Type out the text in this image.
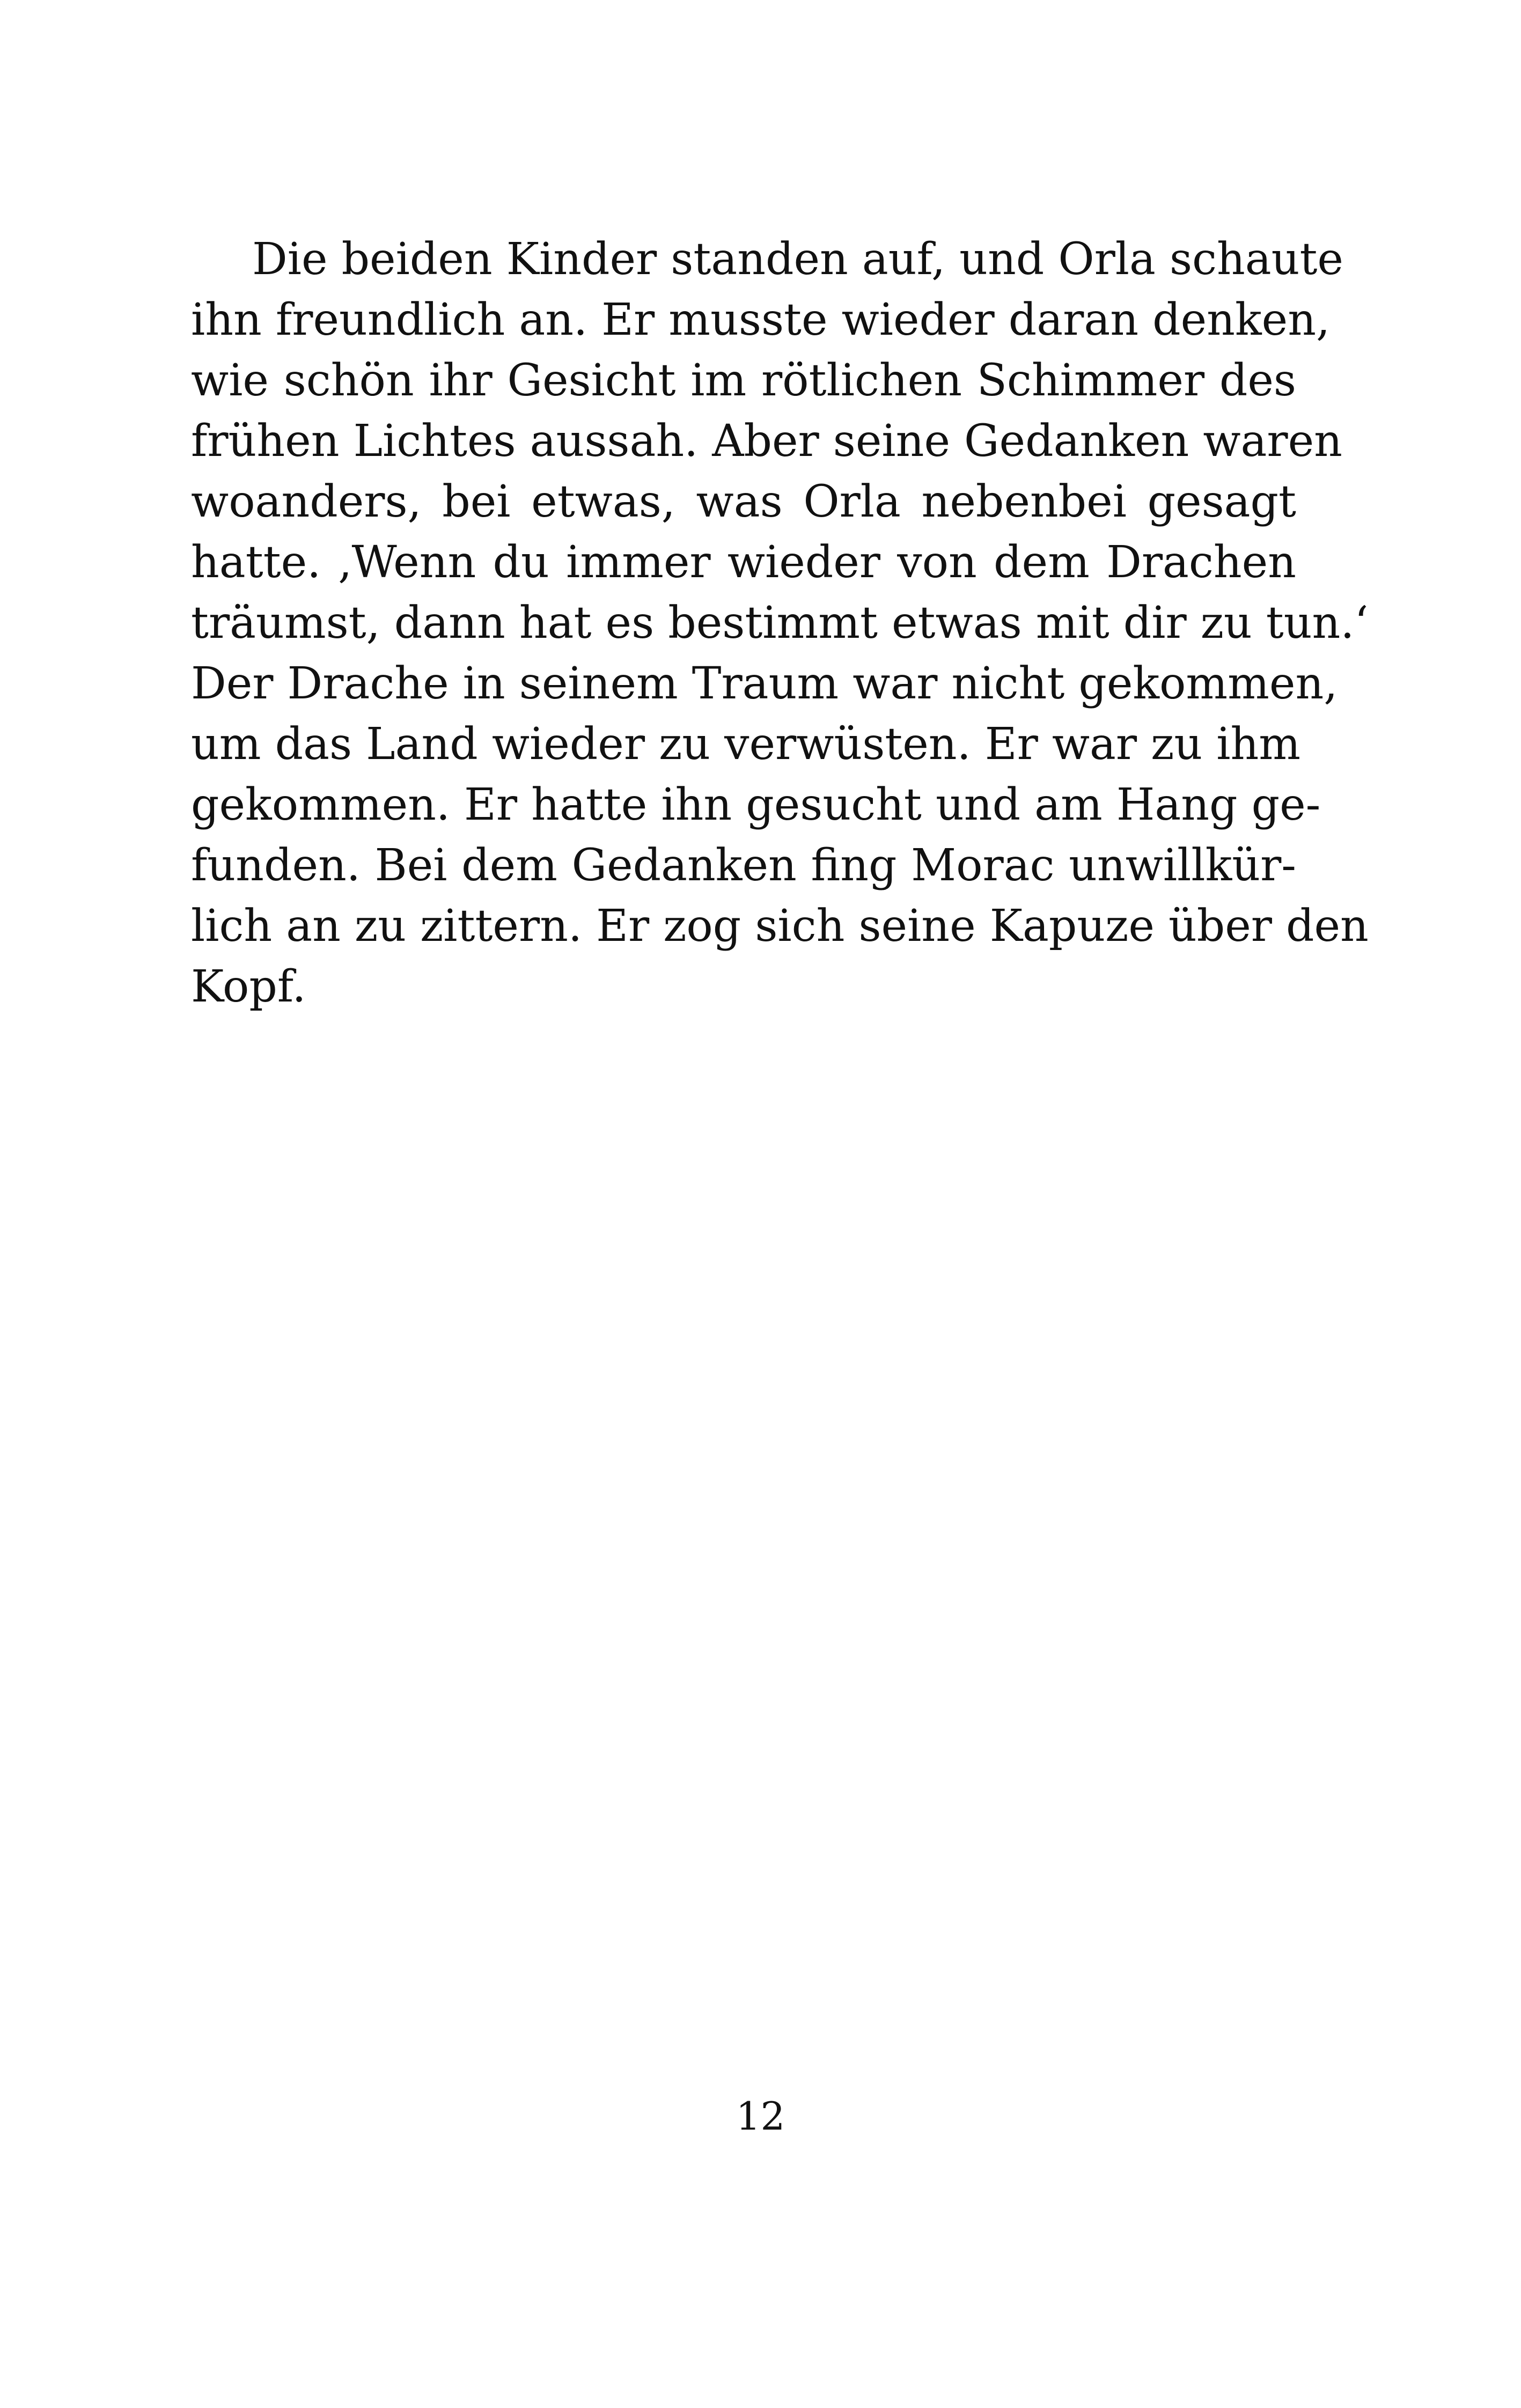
Die beiden Kinder standen auf, und Orla schaute
ihn freundlich an. Er musste wieder daran denken,
wie schön ihr Gesicht im rötlichen Schimmer des
frühen Lichtes aussah. Aber seine Gedanken waren
woanders, bei etwas, was Orla nebenbei gesagt
hatte. ‚Wenn du immer wieder von dem Drachen
träumst, dann hat es bestimmt etwas mit dir zu tun.‘
Der Drache in seinem Traum war nicht gekommen,
um das Land wieder zu verwüsten. Er war zu ihm
gekommen. Er hatte ihn gesucht und am Hang ge-
funden. Bei dem Gedanken fing Morac unwillkür-
lich an zu zittern. Er zog sich seine Kapuze über den
Kopf.
12
